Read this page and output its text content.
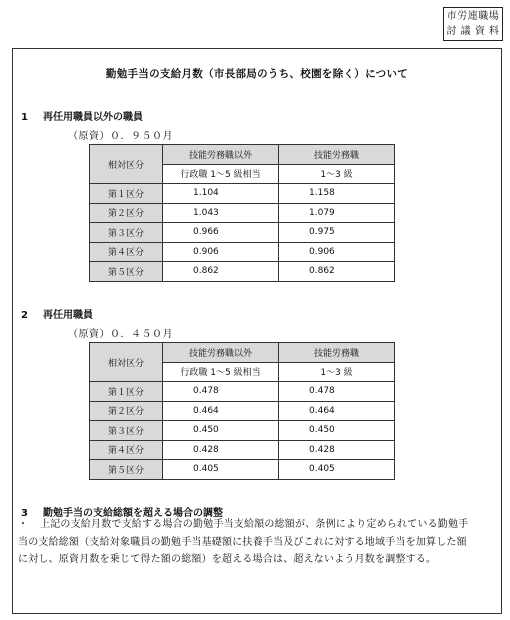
市労連職場
討 議 資 料
勤勉手当の支給月数（市長部局のうち、校園を除く）について
1 再任用職員以外の職員
（原資）０．９５０月
相対区分	技能労務職以外	技能労務職
	行政職 1～5 級相当	1～3 級
第１区分	1.104	1.158
第２区分	1.043	1.079
第３区分	0.966	0.975
第４区分	0.906	0.906
第５区分	0.862	0.862
2 再任用職員
（原資）０．４５０月
相対区分	技能労務職以外	技能労務職
	行政職 1～5 級相当	1～3 級
第１区分	0.478	0.478
第２区分	0.464	0.464
第３区分	0.450	0.450
第４区分	0.428	0.428
第５区分	0.405	0.405
3 勤勉手当の支給総額を超える場合の調整
・	上記の支給月数で支給する場合の勤勉手当支給額の総額が、条例により定められている勤勉手当の支給総額（支給対象職員の勤勉手当基礎額に扶養手当及びこれに対する地域手当を加算した額に対し、原資月数を乗じて得た額の総額）を超える場合は、超えないよう月数を調整する。
